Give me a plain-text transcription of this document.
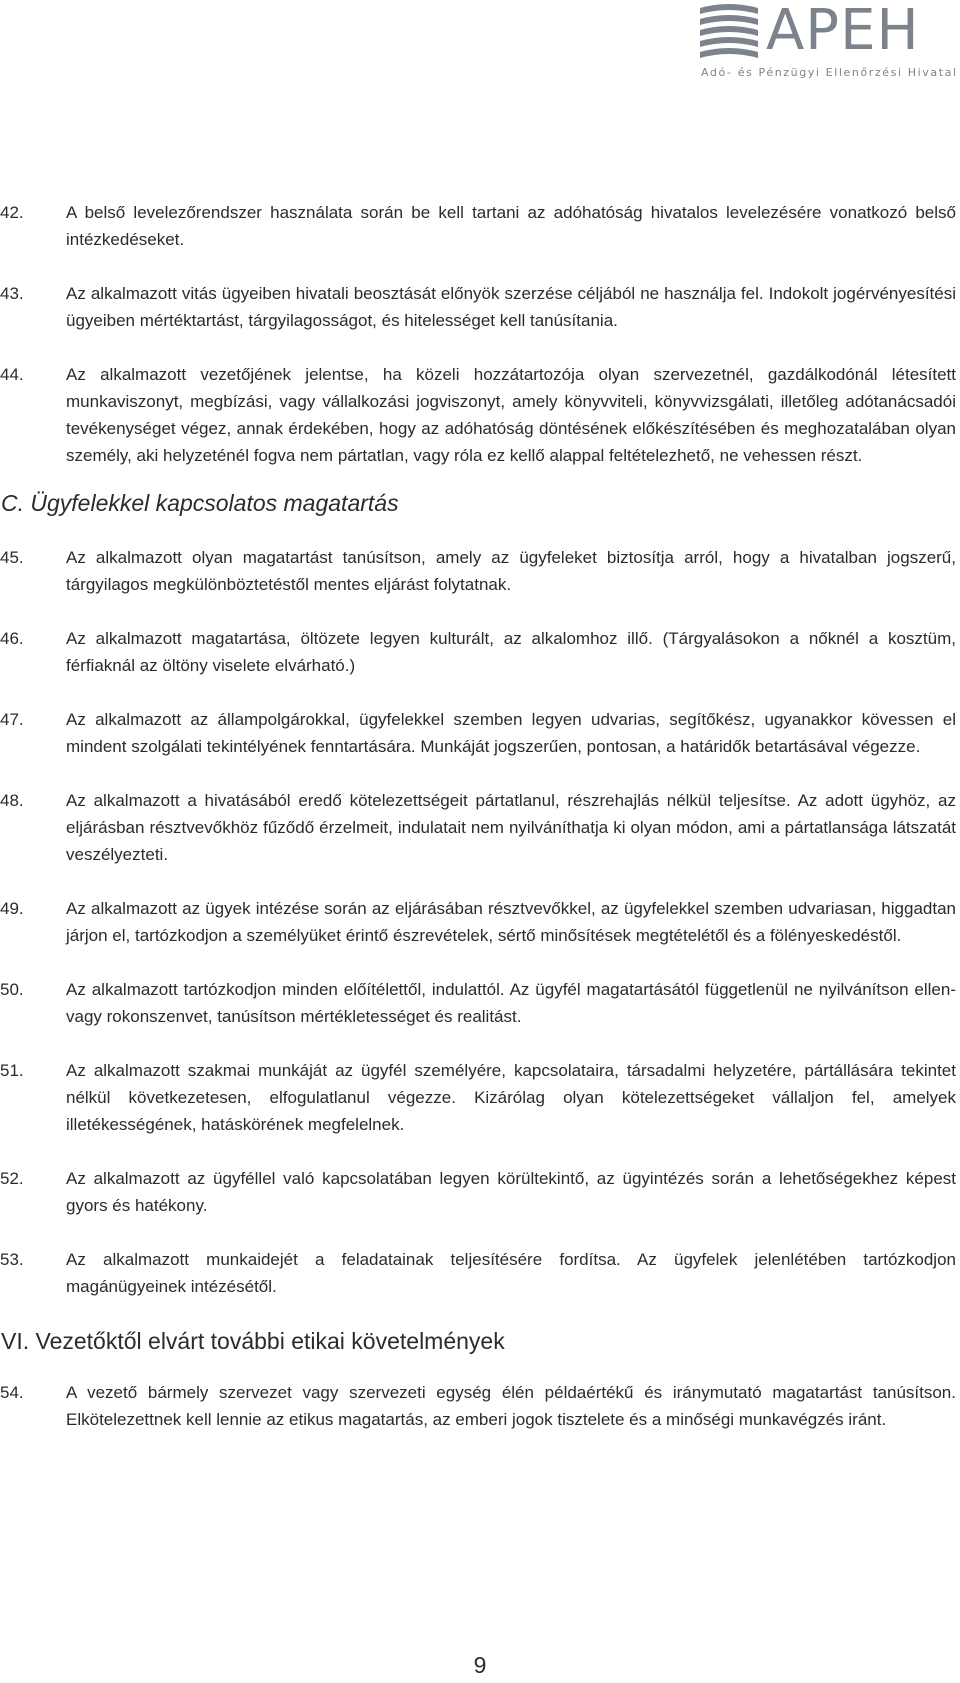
APEH
Adó- és Pénzügyi Ellenőrzési Hivatal
42. A belső levelezőrendszer használata során be kell tartani az adóhatóság hivatalos levelezésére vonatkozó belső intézkedéseket.
43. Az alkalmazott vitás ügyeiben hivatali beosztását előnyök szerzése céljából ne használja fel. Indokolt jogérvényesítési ügyeiben mértéktartást, tárgyilagosságot, és hitelességet kell tanúsítania.
44. Az alkalmazott vezetőjének jelentse, ha közeli hozzátartozója olyan szervezetnél, gazdálkodónál létesített munkaviszonyt, megbízási, vagy vállalkozási jogviszonyt, amely könyvviteli, könyvvizsgálati, illetőleg adótanácsadói tevékenységet végez, annak érdekében, hogy az adóhatóság döntésének előkészítésében és meghozatalában olyan személy, aki helyzeténél fogva nem pártatlan, vagy róla ez kellő alappal feltételezhető, ne vehessen részt.
C. Ügyfelekkel kapcsolatos magatartás
45. Az alkalmazott olyan magatartást tanúsítson, amely az ügyfeleket biztosítja arról, hogy a hivatalban jogszerű, tárgyilagos megkülönböztetéstől mentes eljárást folytatnak.
46. Az alkalmazott magatartása, öltözete legyen kulturált, az alkalomhoz illő. (Tárgyalásokon a nőknél a kosztüm, férfiaknál az öltöny viselete elvárható.)
47. Az alkalmazott az állampolgárokkal, ügyfelekkel szemben legyen udvarias, segítőkész, ugyanakkor kövessen el mindent szolgálati tekintélyének fenntartására. Munkáját jogszerűen, pontosan, a határidők betartásával végezze.
48. Az alkalmazott a hivatásából eredő kötelezettségeit pártatlanul, részrehajlás nélkül teljesítse. Az adott ügyhöz, az eljárásban résztvevőkhöz fűződő érzelmeit, indulatait nem nyilváníthatja ki olyan módon, ami a pártatlansága látszatát veszélyezteti.
49. Az alkalmazott az ügyek intézése során az eljárásában résztvevőkkel, az ügyfelekkel szemben udvariasan, higgadtan járjon el, tartózkodjon a személyüket érintő észrevételek, sértő minősítések megtételétől és a fölényeskedéstől.
50. Az alkalmazott tartózkodjon minden előítélettől, indulattól. Az ügyfél magatartásától függetlenül ne nyilvánítson ellen- vagy rokonszenvet, tanúsítson mértékletességet és realitást.
51. Az alkalmazott szakmai munkáját az ügyfél személyére, kapcsolataira, társadalmi helyzetére, pártállására tekintet nélkül következetesen, elfogulatlanul végezze. Kizárólag olyan kötelezettségeket vállaljon fel, amelyek illetékességének, hatáskörének megfelelnek.
52. Az alkalmazott az ügyféllel való kapcsolatában legyen körültekintő, az ügyintézés során a lehetőségekhez képest gyors és hatékony.
53. Az alkalmazott munkaidejét a feladatainak teljesítésére fordítsa. Az ügyfelek jelenlétében tartózkodjon magánügyeinek intézésétől.
VI. Vezetőktől elvárt további etikai követelmények
54. A vezető bármely szervezet vagy szervezeti egység élén példaértékű és iránymutató magatartást tanúsítson. Elkötelezettnek kell lennie az etikus magatartás, az emberi jogok tisztelete és a minőségi munkavégzés iránt.
9
